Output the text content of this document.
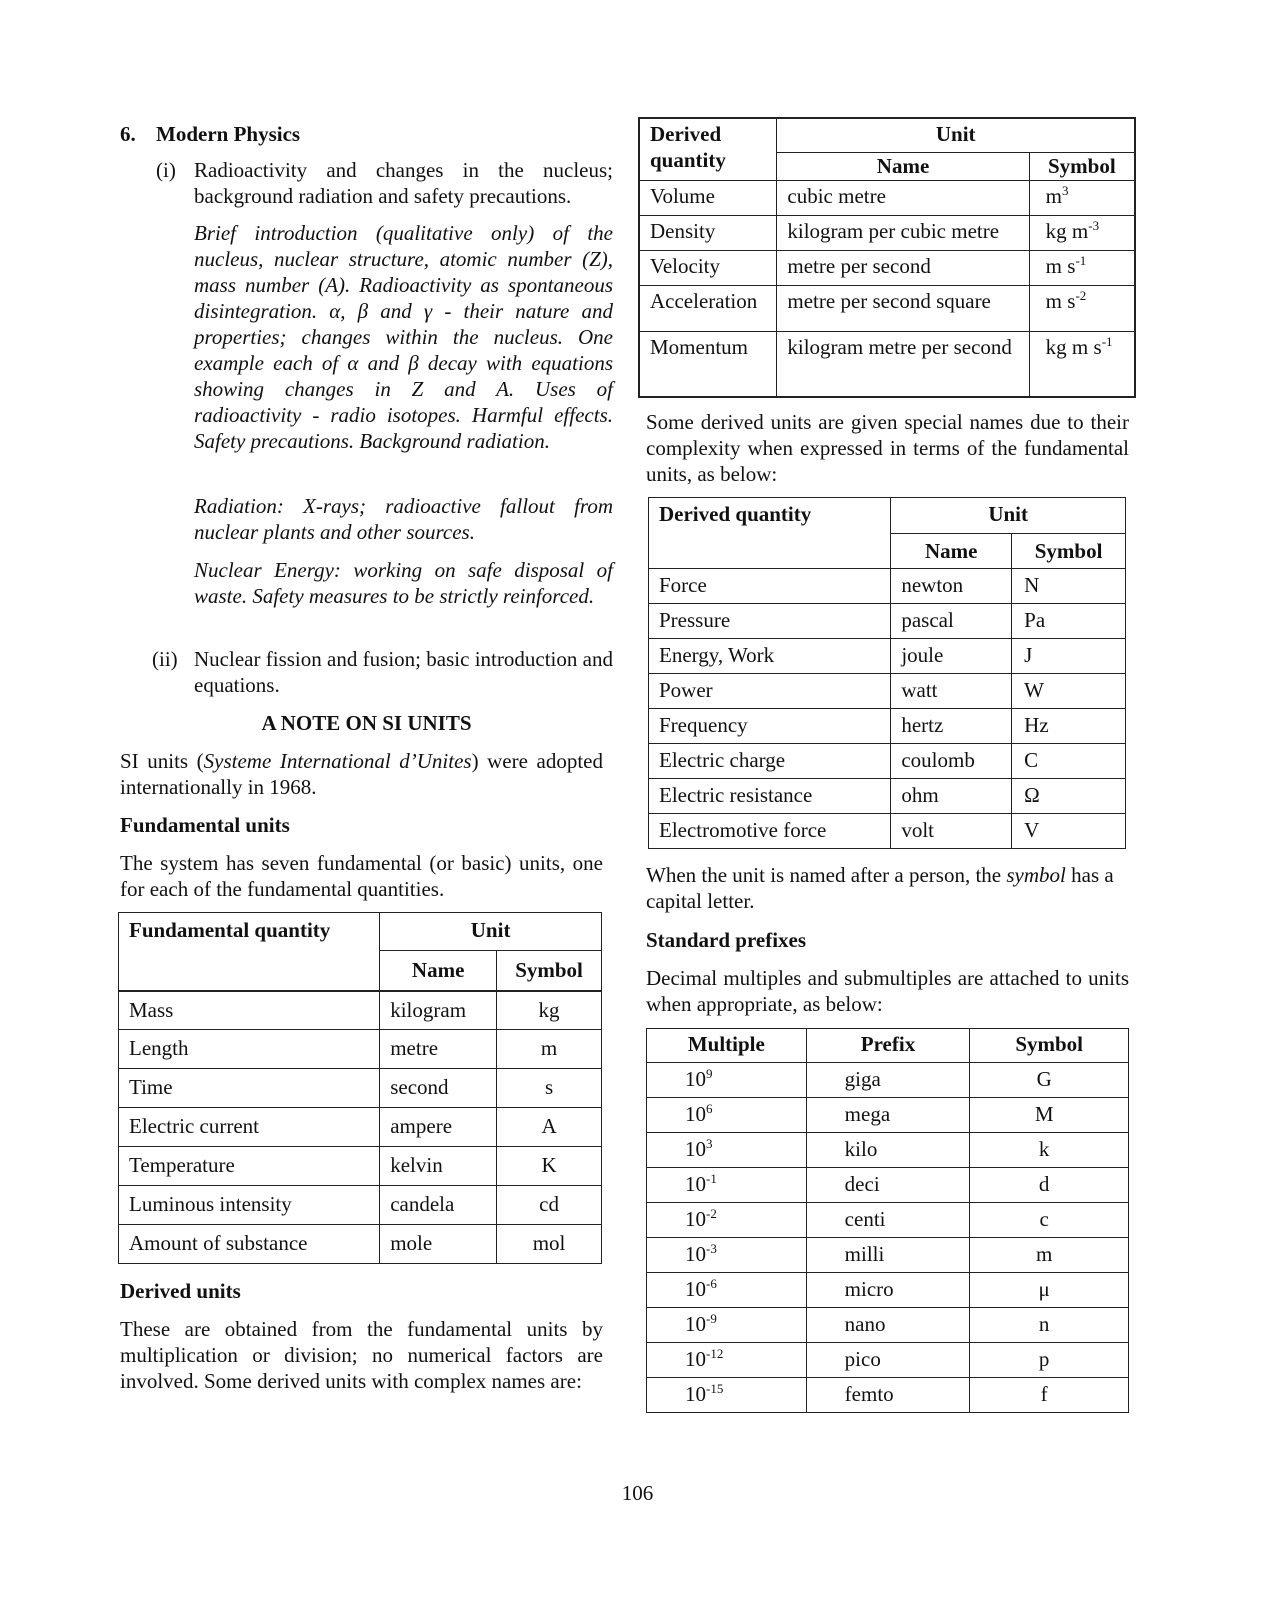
6. Modern Physics
(i) Radioactivity and changes in the nucleus; background radiation and safety precautions.

Brief introduction (qualitative only) of the nucleus, nuclear structure, atomic number (Z), mass number (A). Radioactivity as spontaneous disintegration. α, β and γ - their nature and properties; changes within the nucleus. One example each of α and β decay with equations showing changes in Z and A. Uses of radioactivity - radio isotopes. Harmful effects. Safety precautions. Background radiation.

Radiation: X-rays; radioactive fallout from nuclear plants and other sources.

Nuclear Energy: working on safe disposal of waste. Safety measures to be strictly reinforced.

(ii) Nuclear fission and fusion; basic introduction and equations.

A NOTE ON SI UNITS

SI units (Systeme International d’Unites) were adopted internationally in 1968.

Fundamental units

The system has seven fundamental (or basic) units, one for each of the fundamental quantities.

Derived units

These are obtained from the fundamental units by multiplication or division; no numerical factors are involved. Some derived units with complex names are:

Fundamental quantity	Unit	
	Name	Symbol
Mass	kilogram	kg
Length	metre	m
Time	second	s
Electric current	ampere	A
Temperature	kelvin	K
Luminous intensity	candela	cd
Amount of substance	mole	mol
Derived quantity	Unit	
	Name	Symbol
Volume	cubic metre	$m^3$
Density	kilogram per cubic metre	kg $m^{-3}$
Velocity	metre per second	m $s^{-1}$
Acceleration	metre per second square	m $s^{-2}$
Momentum	kilogram metre per second	kg m $s^{-1}$

Some derived units are given special names due to their complexity when expressed in terms of the fundamental units, as below:

Derived quantity	Unit	
	Name	Symbol
Force	newton	N
Pressure	pascal	Pa
Energy, Work	joule	J
Power	watt	W
Frequency	hertz	Hz
Electric charge	coulomb	C
Electric resistance	ohm	Ω
Electromotive force	volt	V

When the unit is named after a person, the symbol has a capital letter.

Standard prefixes

Decimal multiples and submultiples are attached to units when appropriate, as below:

Multiple	Prefix	Symbol
$10^9$	giga	G
$10^6$	mega	M
$10^3$	kilo	k
$10^{-1}$	deci	d
$10^{-2}$	centi	c
$10^{-3}$	milli	m
$10^{-6}$	micro	μ
$10^{-9}$	nano	n
$10^{-12}$	pico	p
$10^{-15}$	femto	f
106
